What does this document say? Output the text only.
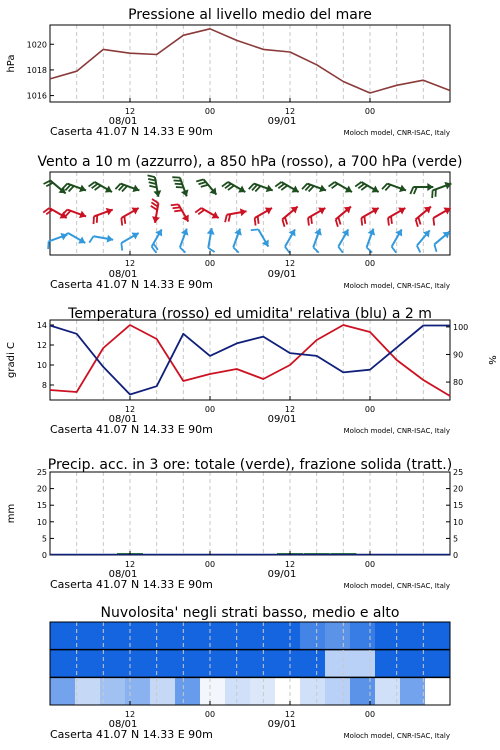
Pressione al livello medio del mare
1016
1018
1020
hPa
12	00	12	00
08/01	09/01
Caserta 41.07 N 14.33 E 90m	Moloch model, CNR-ISAC, Italy
Vento a 10 m (azzurro), a 850 hPa (rosso), a 700 hPa (verde)
12	00	12	00
08/01	09/01
Caserta 41.07 N 14.33 E 90m	Moloch model, CNR-ISAC, Italy
Temperatura (rosso) ed umidita' relativa (blu) a 2 m
8
10
12
14
80
90
100
gradi C	%
12	00	12	00
08/01	09/01
Caserta 41.07 N 14.33 E 90m	Moloch model, CNR-ISAC, Italy
Precip. acc. in 3 ore: totale (verde), frazione solida (tratt.)
0	0
5	5
10	10
15	15
20	20
25	25
mm
12	00	12	00
08/01	09/01
Caserta 41.07 N 14.33 E 90m	Moloch model, CNR-ISAC, Italy
Nuvolosita' negli strati basso, medio e alto
12	00	12	00
08/01	09/01
Caserta 41.07 N 14.33 E 90m	Moloch model, CNR-ISAC, Italy
